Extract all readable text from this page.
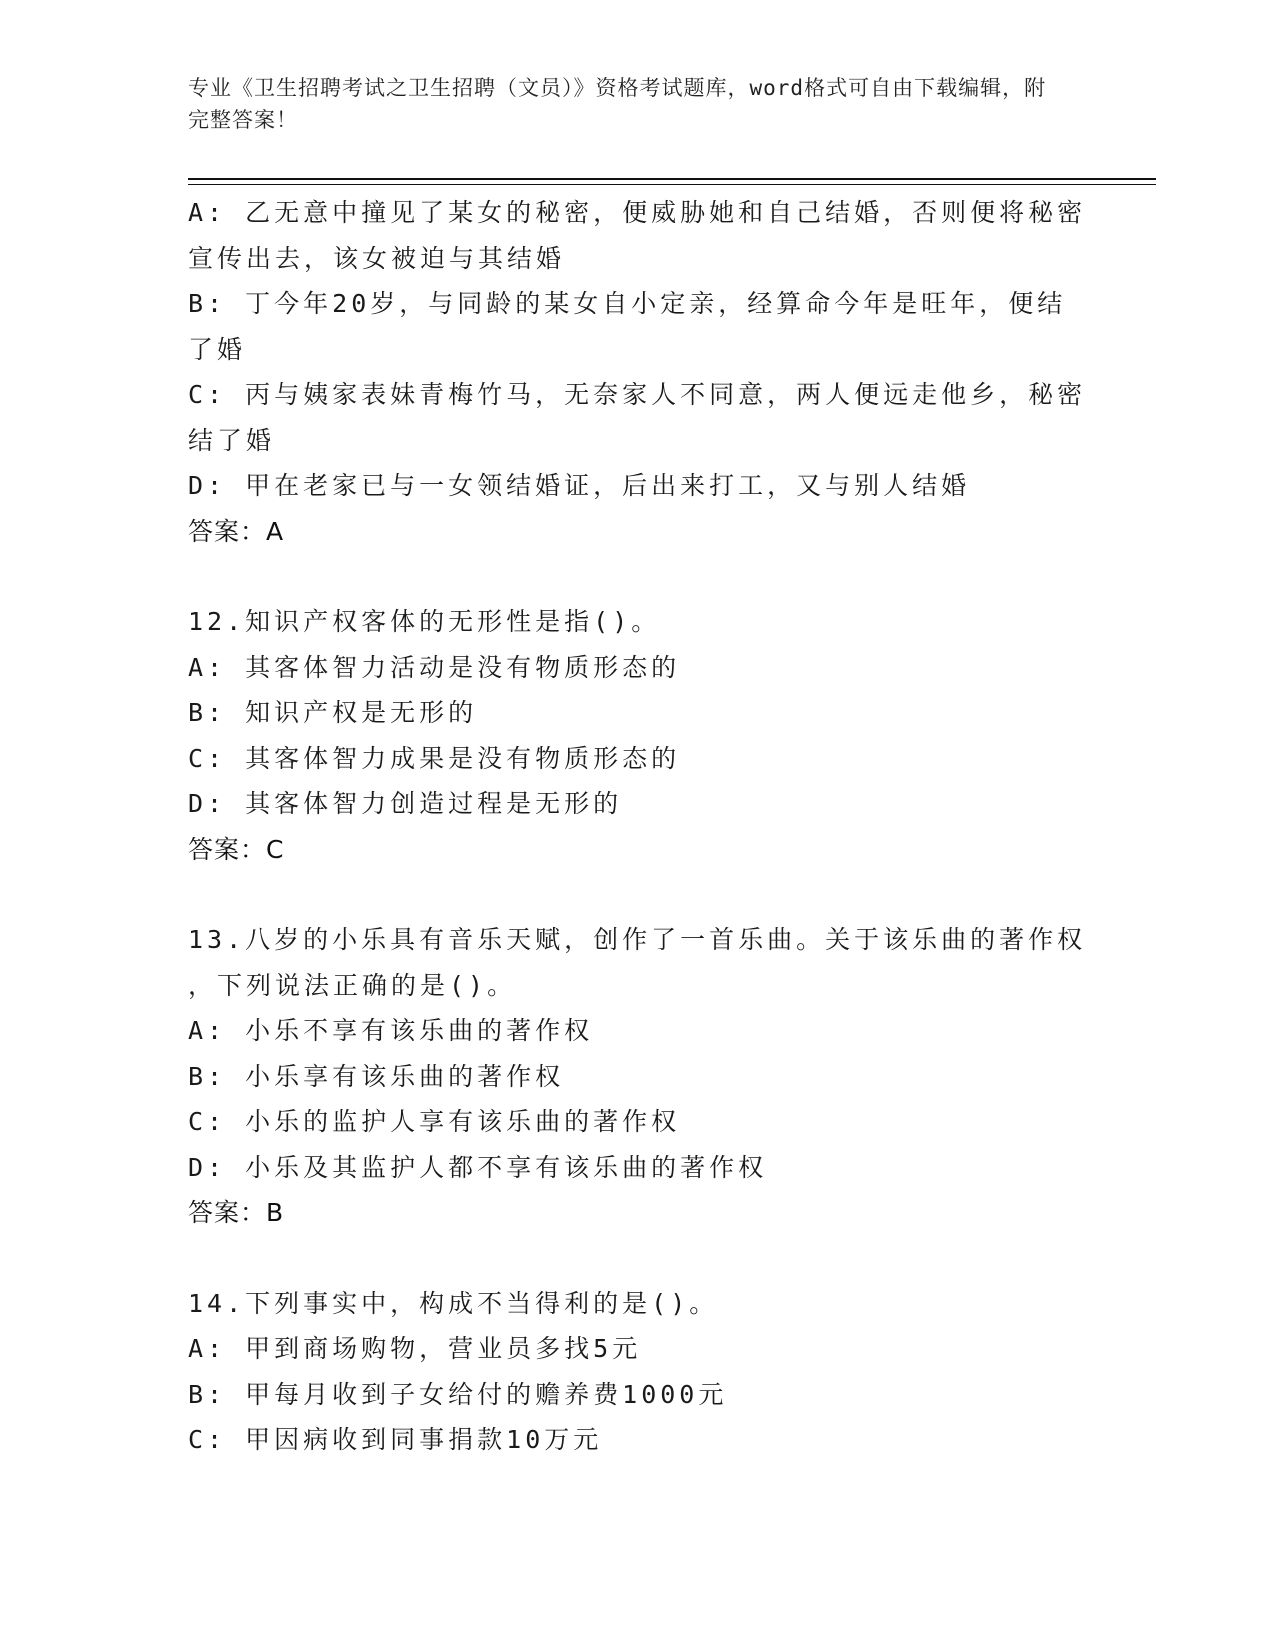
专业《卫生招聘考试之卫生招聘（文员）》资格考试题库，word格式可自由下载编辑，附完整答案！
A: 乙无意中撞见了某女的秘密，便威胁她和自己结婚，否则便将秘密
宣传出去，该女被迫与其结婚
B: 丁今年20岁，与同龄的某女自小定亲，经算命今年是旺年，便结
了婚
C: 丙与姨家表妹青梅竹马，无奈家人不同意，两人便远走他乡，秘密
结了婚
D: 甲在老家已与一女领结婚证，后出来打工，又与别人结婚
答案：A
12.知识产权客体的无形性是指()。
A: 其客体智力活动是没有物质形态的
B: 知识产权是无形的
C: 其客体智力成果是没有物质形态的
D: 其客体智力创造过程是无形的
答案：C
13.八岁的小乐具有音乐天赋，创作了一首乐曲。关于该乐曲的著作权
，下列说法正确的是()。
A: 小乐不享有该乐曲的著作权
B: 小乐享有该乐曲的著作权
C: 小乐的监护人享有该乐曲的著作权
D: 小乐及其监护人都不享有该乐曲的著作权
答案：B
14.下列事实中，构成不当得利的是()。
A: 甲到商场购物，营业员多找5元
B: 甲每月收到子女给付的赡养费1000元
C: 甲因病收到同事捐款10万元
